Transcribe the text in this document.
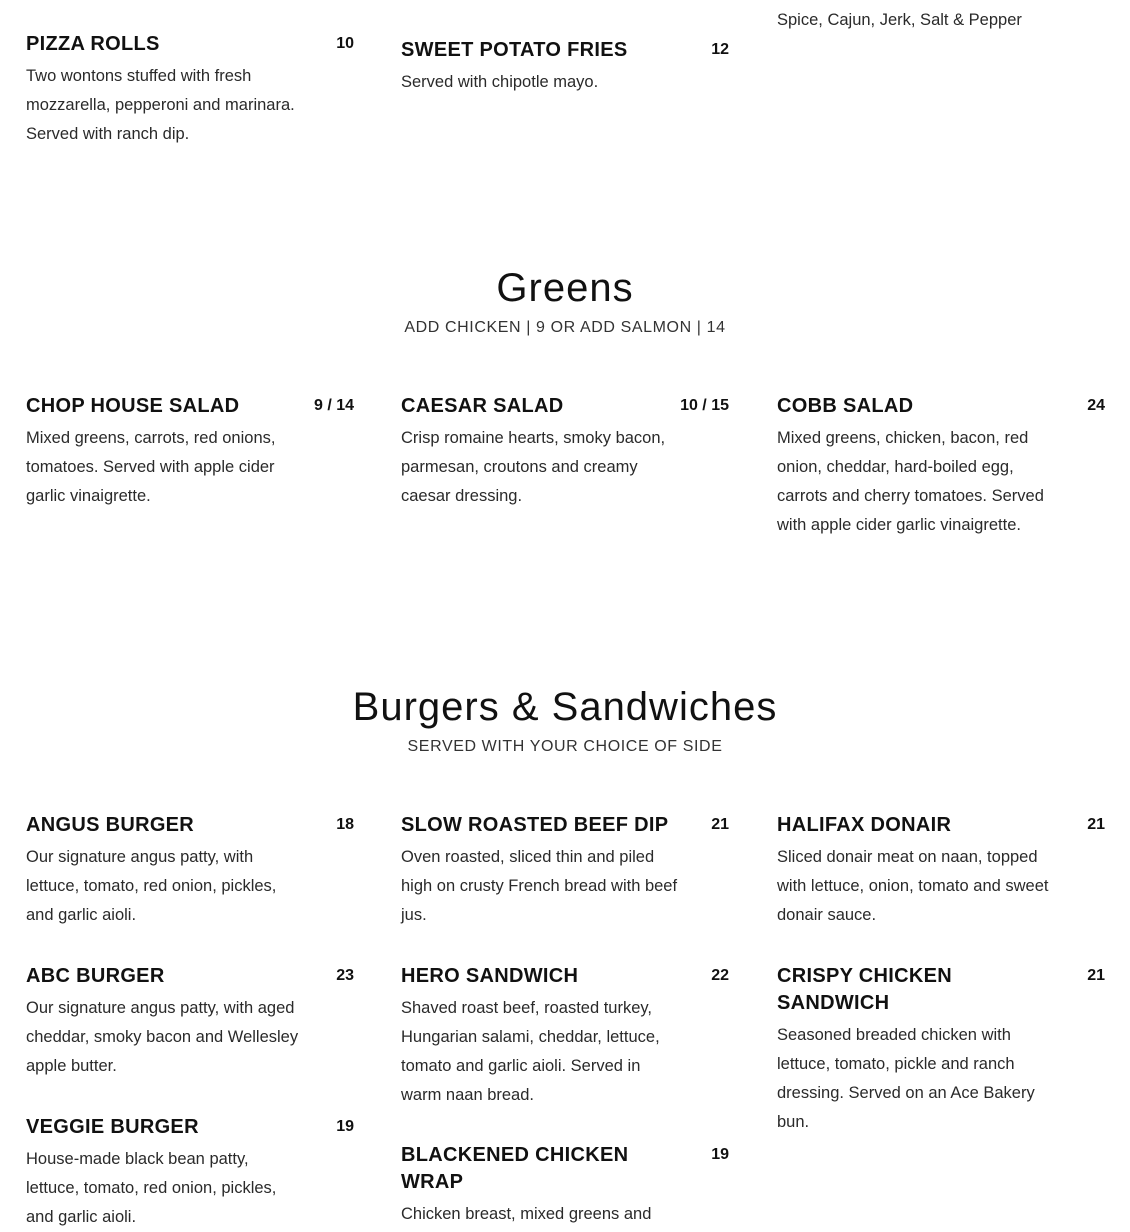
Spice, Cajun, Jerk, Salt & Pepper
PIZZA ROLLS	10
Two wontons stuffed with fresh mozzarella, pepperoni and marinara. Served with ranch dip.
SWEET POTATO FRIES	12
Served with chipotle mayo.
Greens
ADD CHICKEN | 9 OR ADD SALMON | 14
CHOP HOUSE SALAD	9 / 14
Mixed greens, carrots, red onions, tomatoes. Served with apple cider garlic vinaigrette.
CAESAR SALAD	10 / 15
Crisp romaine hearts, smoky bacon, parmesan, croutons and creamy caesar dressing.
COBB SALAD	24
Mixed greens, chicken, bacon, red onion, cheddar, hard-boiled egg, carrots and cherry tomatoes. Served with apple cider garlic vinaigrette.
Burgers & Sandwiches
SERVED WITH YOUR CHOICE OF SIDE
ANGUS BURGER	18
Our signature angus patty, with lettuce, tomato, red onion, pickles, and garlic aioli.
SLOW ROASTED BEEF DIP	21
Oven roasted, sliced thin and piled high on crusty French bread with beef jus.
HALIFAX DONAIR	21
Sliced donair meat on naan, topped with lettuce, onion, tomato and sweet donair sauce.
ABC BURGER	23
Our signature angus patty, with aged cheddar, smoky bacon and Wellesley apple butter.
HERO SANDWICH	22
Shaved roast beef, roasted turkey, Hungarian salami, cheddar, lettuce, tomato and garlic aioli. Served in warm naan bread.
CRISPY CHICKEN SANDWICH
21
Seasoned breaded chicken with lettuce, tomato, pickle and ranch dressing. Served on an Ace Bakery bun.
VEGGIE BURGER	19
House-made black bean patty, lettuce, tomato, red onion, pickles, and garlic aioli.
BLACKENED CHICKEN WRAP
19
Chicken breast, mixed greens and
